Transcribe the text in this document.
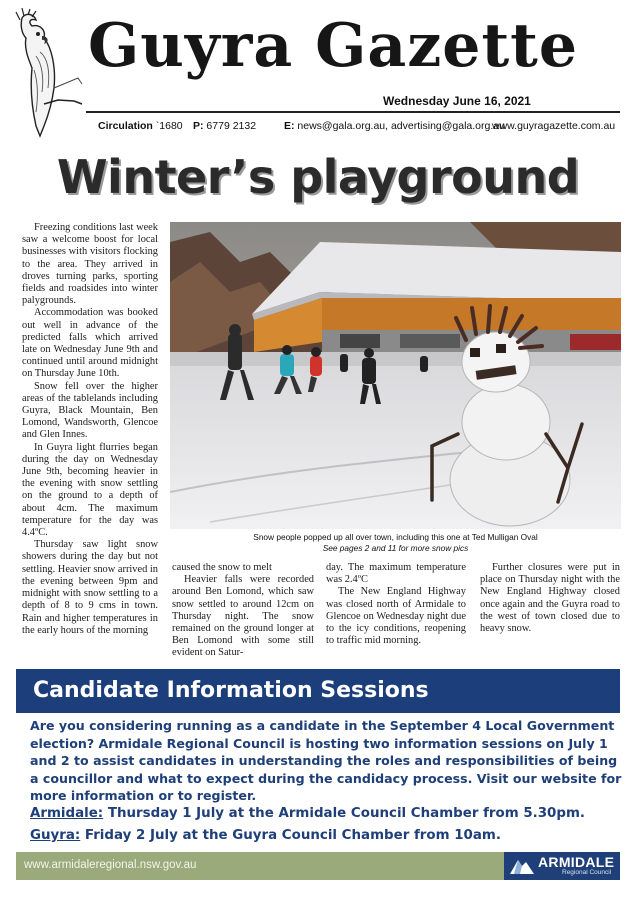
Guyra Gazette
Wednesday June 16, 2021
Circulation `1680 P: 6779 2132	E: news@gala.org.au, advertising@gala.org.au
www.guyragazette.com.au
Winter’s playground

Freezing conditions last week saw a welcome boost for local businesses with visitors flocking to the area. They arrived in droves turning parks, sporting fields and roadsides into winter palygrounds.

Accommodation was booked out well in advance of the predicted falls which arrived late on Wednesday June 9th and continued until around midnight on Thursday June 10th.

Snow fell over the higher areas of the tablelands including Guyra, Black Mountain, Ben Lomond, Wandsworth, Glencoe and Glen Innes.

In Guyra light flurries began during the day on Wednesday June 9th, becoming heavier in the evening with snow settling on the ground to a depth of about 4cm. The maximum temperature for the day was 4.4ºC.

Thursday saw light snow showers during the day but not settling. Heavier snow arrived in the evening between 9pm and midnight with snow settling to a depth of 8 to 9 cms in town. Rain and higher temperatures in the early hours of the morning

Snow people popped up all over town, including this one at Ted Mulligan Oval
See pages 2 and 11 for more snow pics
caused the snow to melt

Heavier falls were recorded around Ben Lomond, which saw snow settled to around 12cm on Thursday night. The snow remained on the ground longer at Ben Lomond with some still evident on Satur-

day. The maximum temperature was 2.4ºC

The New England Highway was closed north of Armidale to Glencoe on Wednesday night due to the icy conditions, reopening to traffic mid morning.

Further closures were put in place on Thursday night with the New England Highway closed once again and the Guyra road to the west of town closed due to heavy snow.

Candidate Information Sessions
Are you considering running as a candidate in the September 4 Local Government election? Armidale Regional Council is hosting two information sessions on July 1 and 2 to assist candidates in understanding the roles and responsibilities of being a councillor and what to expect during the candidacy process. Visit our website for more information or to register.
Armidale: Thursday 1 July at the Armidale Council Chamber from 5.30pm.
Guyra: Friday 2 July at the Guyra Council Chamber from 10am.
www.armidaleregional.nsw.gov.au	ARMIDALE
Regional Council
